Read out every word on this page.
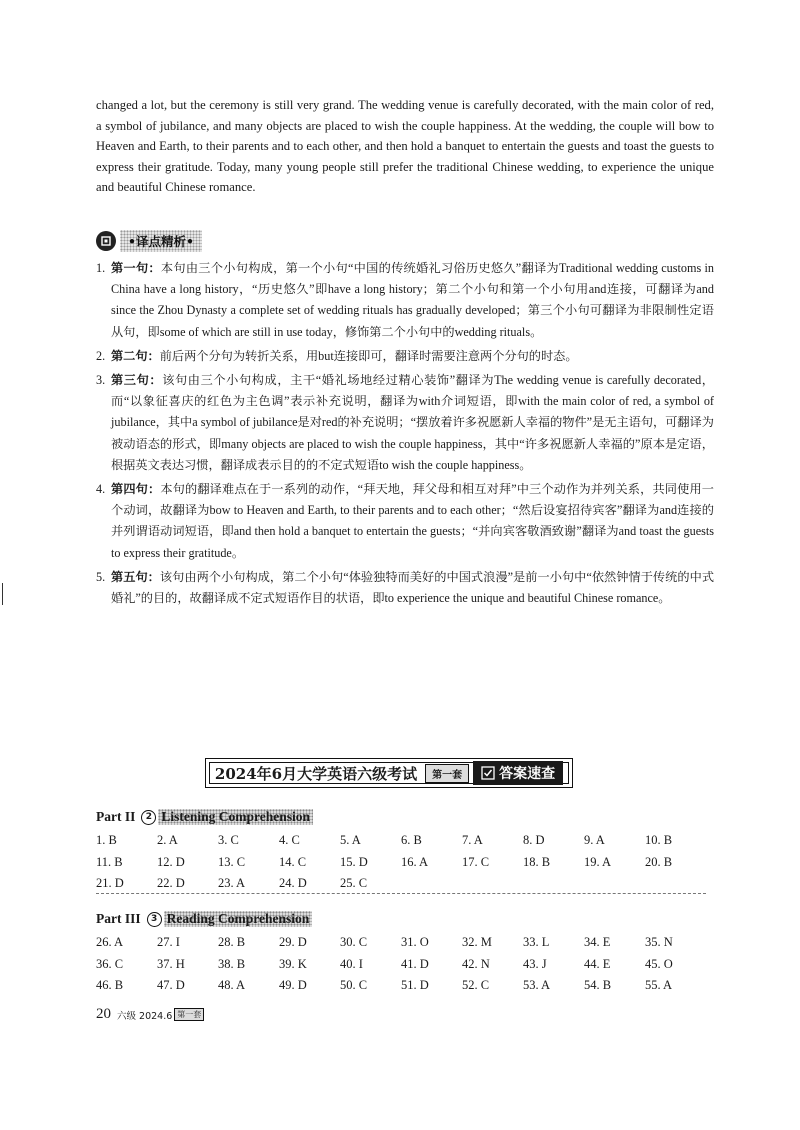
changed a lot, but the ceremony is still very grand. The wedding venue is carefully decorated, with the main color of red, a symbol of jubilance, and many objects are placed to wish the couple happiness. At the wedding, the couple will bow to Heaven and Earth, to their parents and to each other, and then hold a banquet to entertain the guests and toast the guests to express their gratitude. Today, many young people still prefer the traditional Chinese wedding, to experience the unique and beautiful Chinese romance.

•译点精析•
1. 第一句：本句由三个小句构成，第一个小句“中国的传统婚礼习俗历史悠久”翻译为Traditional wedding customs in China have a long history，“历史悠久”即have a long history；第二个小句和第一个小句用and连接，可翻译为and since the Zhou Dynasty a complete set of wedding rituals has gradually developed；第三个小句可翻译为非限制性定语从句，即some of which are still in use today，修饰第二个小句中的wedding rituals。
2. 第二句：前后两个分句为转折关系，用but连接即可，翻译时需要注意两个分句的时态。
3. 第三句：该句由三个小句构成，主干“婚礼场地经过精心装饰”翻译为The wedding venue is carefully decorated，而“以象征喜庆的红色为主色调”表示补充说明，翻译为with介词短语，即with the main color of red, a symbol of jubilance，其中a symbol of jubilance是对red的补充说明；“摆放着许多祝愿新人幸福的物件”是无主语句，可翻译为被动语态的形式，即many objects are placed to wish the couple happiness，其中“许多祝愿新人幸福的”原本是定语，根据英文表达习惯，翻译成表示目的的不定式短语to wish the couple happiness。
4. 第四句：本句的翻译难点在于一系列的动作，“拜天地，拜父母和相互对拜”中三个动作为并列关系，共同使用一个动词，故翻译为bow to Heaven and Earth, to their parents and to each other；“然后设宴招待宾客”翻译为and连接的并列谓语动词短语，即and then hold a banquet to entertain the guests；“并向宾客敬酒致谢”翻译为and toast the guests to express their gratitude。
5. 第五句：该句由两个小句构成，第二个小句“体验独特而美好的中国式浪漫”是前一小句中“依然钟情于传统的中式婚礼”的目的，故翻译成不定式短语作目的状语，即to experience the unique and beautiful Chinese romance。
2024年6月大学英语六级考试	第一套	答案速查
Part II	2 Listening Comprehension
1. B	2. A	3. C	4. C	5. A	6. B	7. A	8. D	9. A	10. B
11. B	12. D	13. C	14. C	15. D	16. A	17. C	18. B	19. A	20. B
21. D	22. D	23. A	24. D	25. C
Part III	3 Reading Comprehension
26. A	27. I	28. B	29. D	30. C	31. O	32. M	33. L	34. E	35. N
36. C	37. H	38. B	39. K	40. I	41. D	42. N	43. J	44. E	45. O
46. B	47. D	48. A	49. D	50. C	51. D	52. C	53. A	54. B	55. A
20 六级 2024.6 第一套
